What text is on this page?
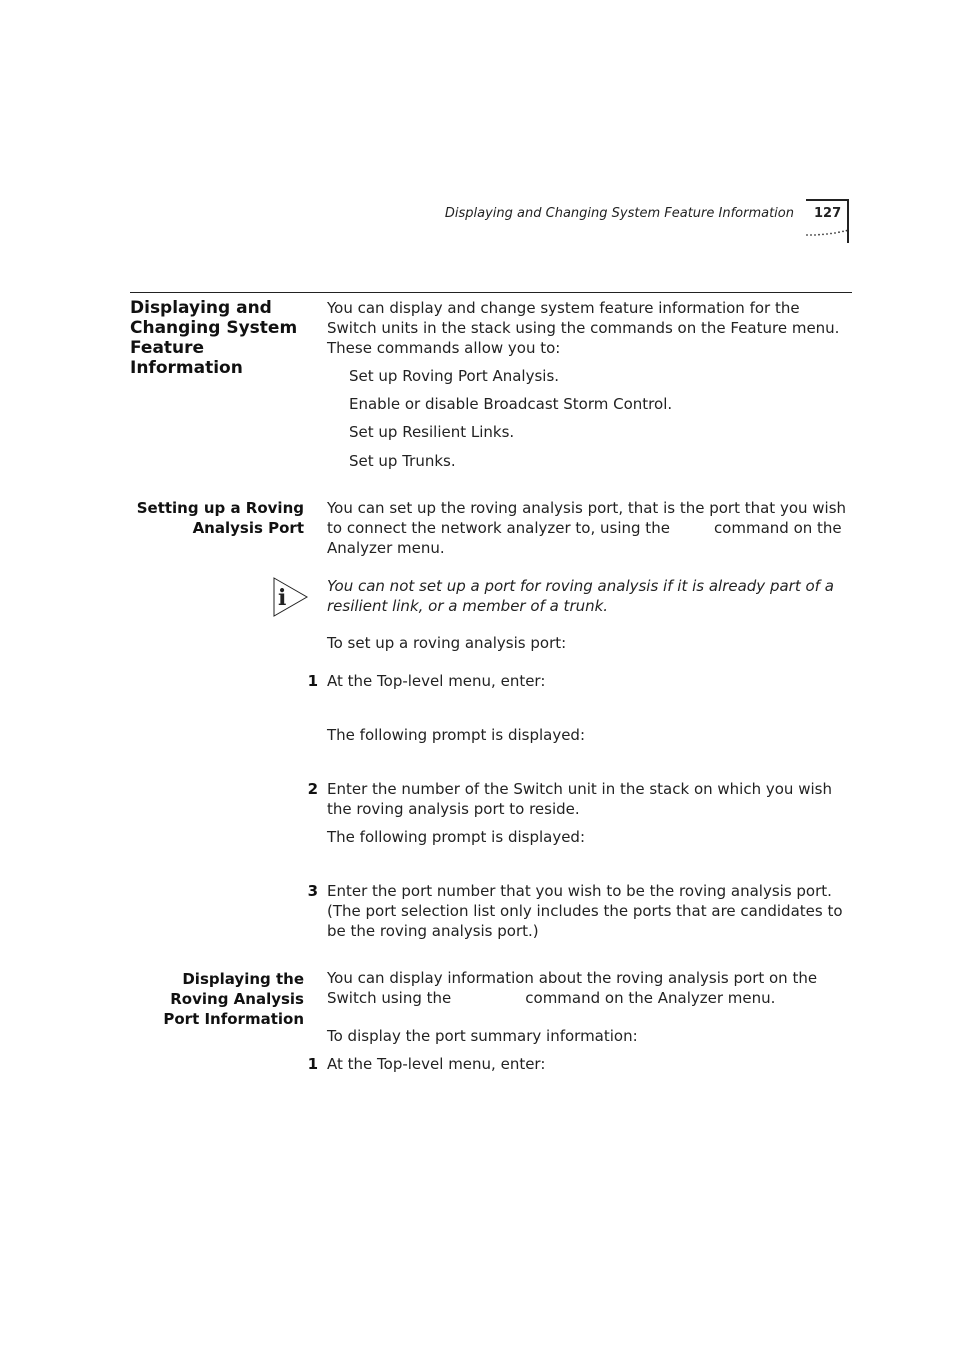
Displaying and Changing System Feature Information 127
Displaying and Changing System Feature Information
You can display and change system feature information for the Switch units in the stack using the commands on the Feature menu. These commands allow you to:
Set up Roving Port Analysis.
Enable or disable Broadcast Storm Control.
Set up Resilient Links.
Set up Trunks.
Setting up a Roving Analysis Port
You can set up the roving analysis port, that is the port that you wish to connect the network analyzer to, using the	command on the Analyzer menu.
i	You can not set up a port for roving analysis if it is already part of a resilient link, or a member of a trunk.
To set up a roving analysis port:
1 At the Top-level menu, enter:
The following prompt is displayed:
2 Enter the number of the Switch unit in the stack on which you wish the roving analysis port to reside.
The following prompt is displayed:
3 Enter the port number that you wish to be the roving analysis port. (The port selection list only includes the ports that are candidates to be the roving analysis port.)
Displaying the Roving Analysis Port Information
You can display information about the roving analysis port on the Switch using the	command on the Analyzer menu.
To display the port summary information:
1 At the Top-level menu, enter:
